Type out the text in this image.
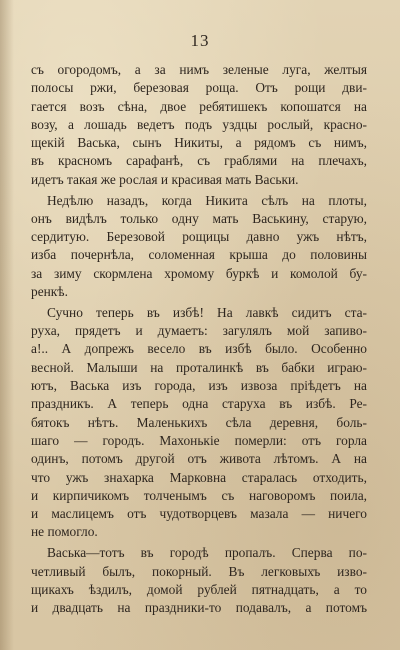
13

съ огородомъ, а за нимъ зеленые луга, желтыя
полосы ржи, березовая роща. Отъ рощи дви-
гается возъ сѣна, двое ребятишекъ копошатся на
возу, а лошадь ведетъ подъ уздцы рослый, красно-
щекій Васька, сынъ Никиты, а рядомъ съ нимъ,
въ красномъ сарафанѣ, съ граблями на плечахъ,
идетъ такая же рослая и красивая мать Васьки.

Недѣлю назадъ, когда Никита сѣлъ на плоты,
онъ видѣлъ только одну мать Васькину, старую,
сердитую. Березовой рощицы давно ужъ нѣтъ,
изба почернѣла, соломенная крыша до половины
за зиму скормлена хромому буркѣ и комолой бу-
ренкѣ.

Сучно теперь въ избѣ! На лавкѣ сидитъ ста-
руха, прядетъ и думаетъ: загулялъ мой запиво-
а!.. А допрежъ весело въ избѣ было. Особенно
весной. Малыши на проталинкѣ въ бабки играю-
ютъ, Васька изъ города, изъ извоза пріѣдетъ на
праздникъ. А теперь одна старуха въ избѣ. Ре-
бятокъ нѣтъ. Маленькихъ сѣла деревня, боль-
шаго — городъ. Махонькіе померли: отъ горла
одинъ, потомъ другой отъ живота лѣтомъ. А на
что ужъ знахарка Марковна старалась отходить,
и кирпичикомъ толченымъ съ наговоромъ поила,
и маслицемъ отъ чудотворцевъ мазала — ничего
не помогло.

Васька—тотъ въ городѣ пропалъ. Сперва по-
четливый былъ, покорный. Въ легковыхъ изво-
щикахъ ѣздилъ, домой рублей пятнадцать, а то
и двадцать на праздники-то подавалъ, а потомъ
